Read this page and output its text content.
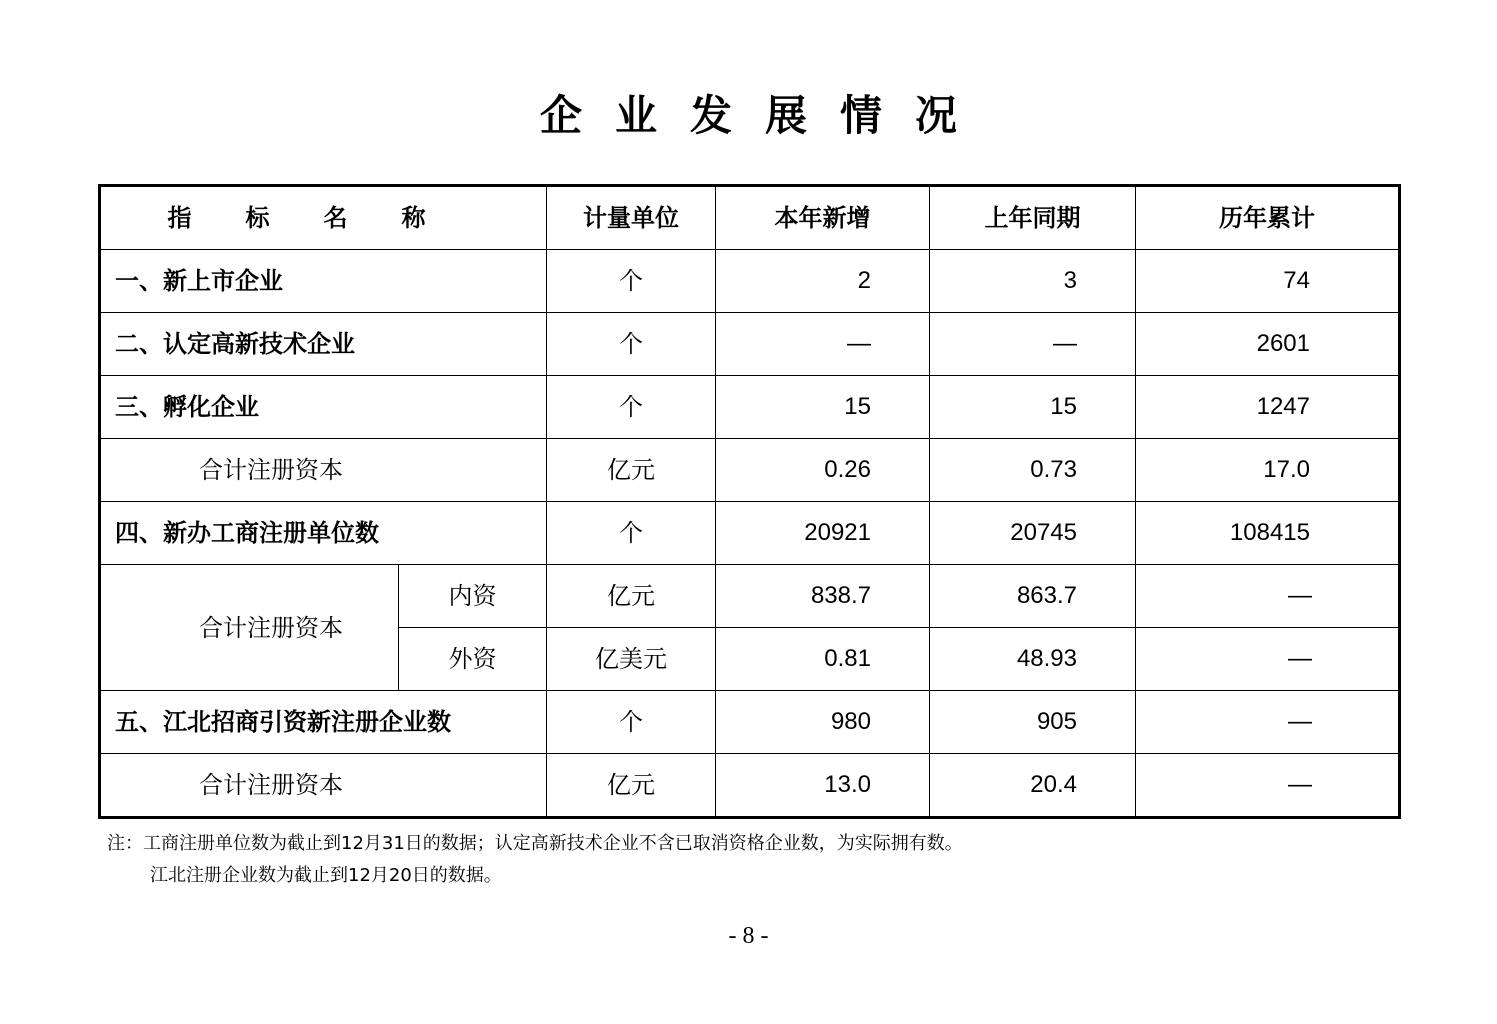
企业发展情况
指标名称		计量单位	本年新增	上年同期	历年累计
一、新上市企业		个	2	3	74
二、认定高新技术企业		个	—	—	2601
三、孵化企业		个	15	15	1247
合计注册资本		亿元	0.26	0.73	17.0
四、新办工商注册单位数		个	20921	20745	108415
合计注册资本	内资	亿元	838.7	863.7	—
	外资	亿美元	0.81	48.93	—
五、江北招商引资新注册企业数		个	980	905	—
合计注册资本		亿元	13.0	20.4	—
注：工商注册单位数为截止到12月31日的数据；认定高新技术企业不含已取消资格企业数，为实际拥有数。
江北注册企业数为截止到12月20日的数据。
- 8 -
